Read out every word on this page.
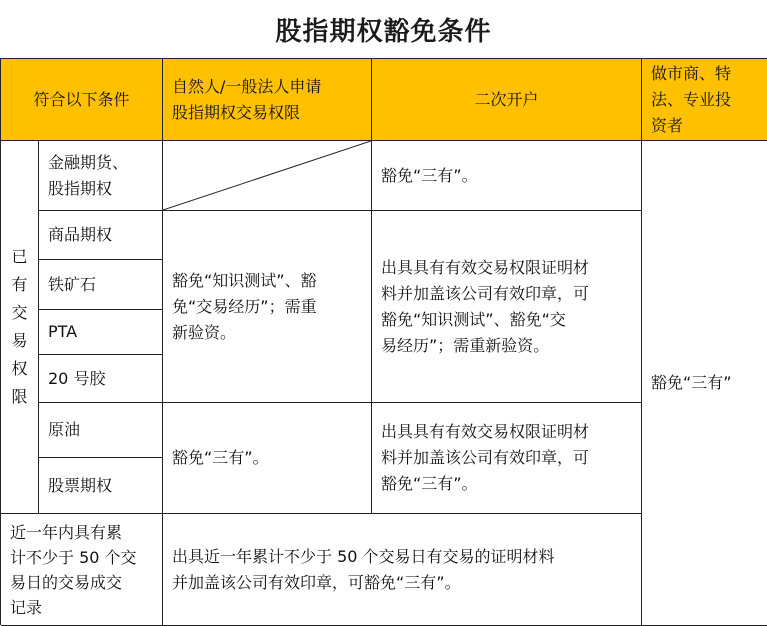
股指期权豁免条件
符合以下条件
自然人/一般法人申请
股指期权交易权限
二次开户
做市商、特
法、专业投
资者
已
有
交
易
权
限
金融期货、
股指期权
商品期权
铁矿石
PTA
20 号胶
原油
股票期权
豁免“三有”。
豁免“知识测试”、豁
免“交易经历”；需重
新验资。
出具具有有效交易权限证明材
料并加盖该公司有效印章，可
豁免“知识测试”、豁免“交
易经历”；需重新验资。
豁免“三有”。
出具具有有效交易权限证明材
料并加盖该公司有效印章，可
豁免“三有”。
豁免“三有”
近一年内具有累
计不少于 50 个交
易日的交易成交
记录
出具近一年累计不少于 50 个交易日有交易的证明材料
并加盖该公司有效印章，可豁免“三有”。
